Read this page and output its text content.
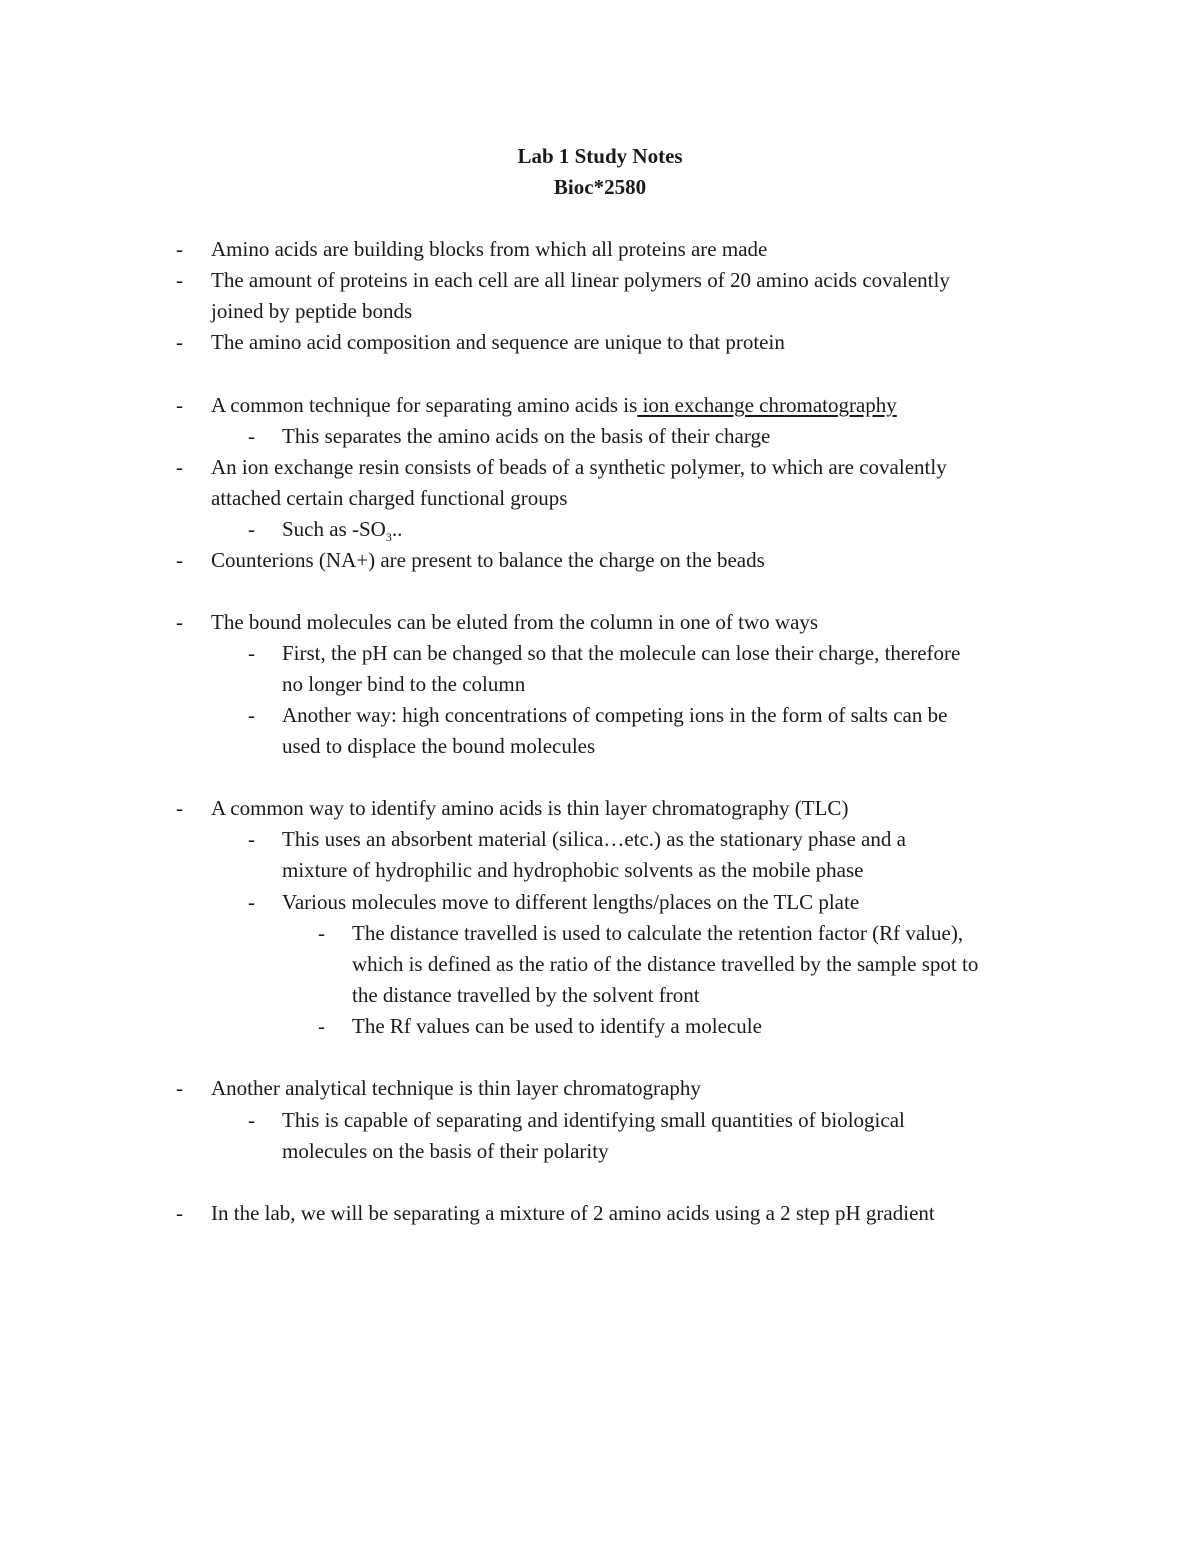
Lab 1 Study Notes
Bioc*2580
- Amino acids are building blocks from which all proteins are made
- The amount of proteins in each cell are all linear polymers of 20 amino acids covalently
joined by peptide bonds
- The amino acid composition and sequence are unique to that protein
- A common technique for separating amino acids is ion exchange chromatography
- This separates the amino acids on the basis of their charge
- An ion exchange resin consists of beads of a synthetic polymer, to which are covalently
attached certain charged functional groups
- Such as $-SO_3$..
- Counterions (NA+) are present to balance the charge on the beads
- The bound molecules can be eluted from the column in one of two ways
- First, the pH can be changed so that the molecule can lose their charge, therefore
no longer bind to the column
- Another way: high concentrations of competing ions in the form of salts can be
used to displace the bound molecules
- A common way to identify amino acids is thin layer chromatography (TLC)
- This uses an absorbent material (silica…etc.) as the stationary phase and a
mixture of hydrophilic and hydrophobic solvents as the mobile phase
- Various molecules move to different lengths/places on the TLC plate
- The distance travelled is used to calculate the retention factor (Rf value),
which is defined as the ratio of the distance travelled by the sample spot to
the distance travelled by the solvent front
- The Rf values can be used to identify a molecule
- Another analytical technique is thin layer chromatography
- This is capable of separating and identifying small quantities of biological
molecules on the basis of their polarity
- In the lab, we will be separating a mixture of 2 amino acids using a 2 step pH gradient
